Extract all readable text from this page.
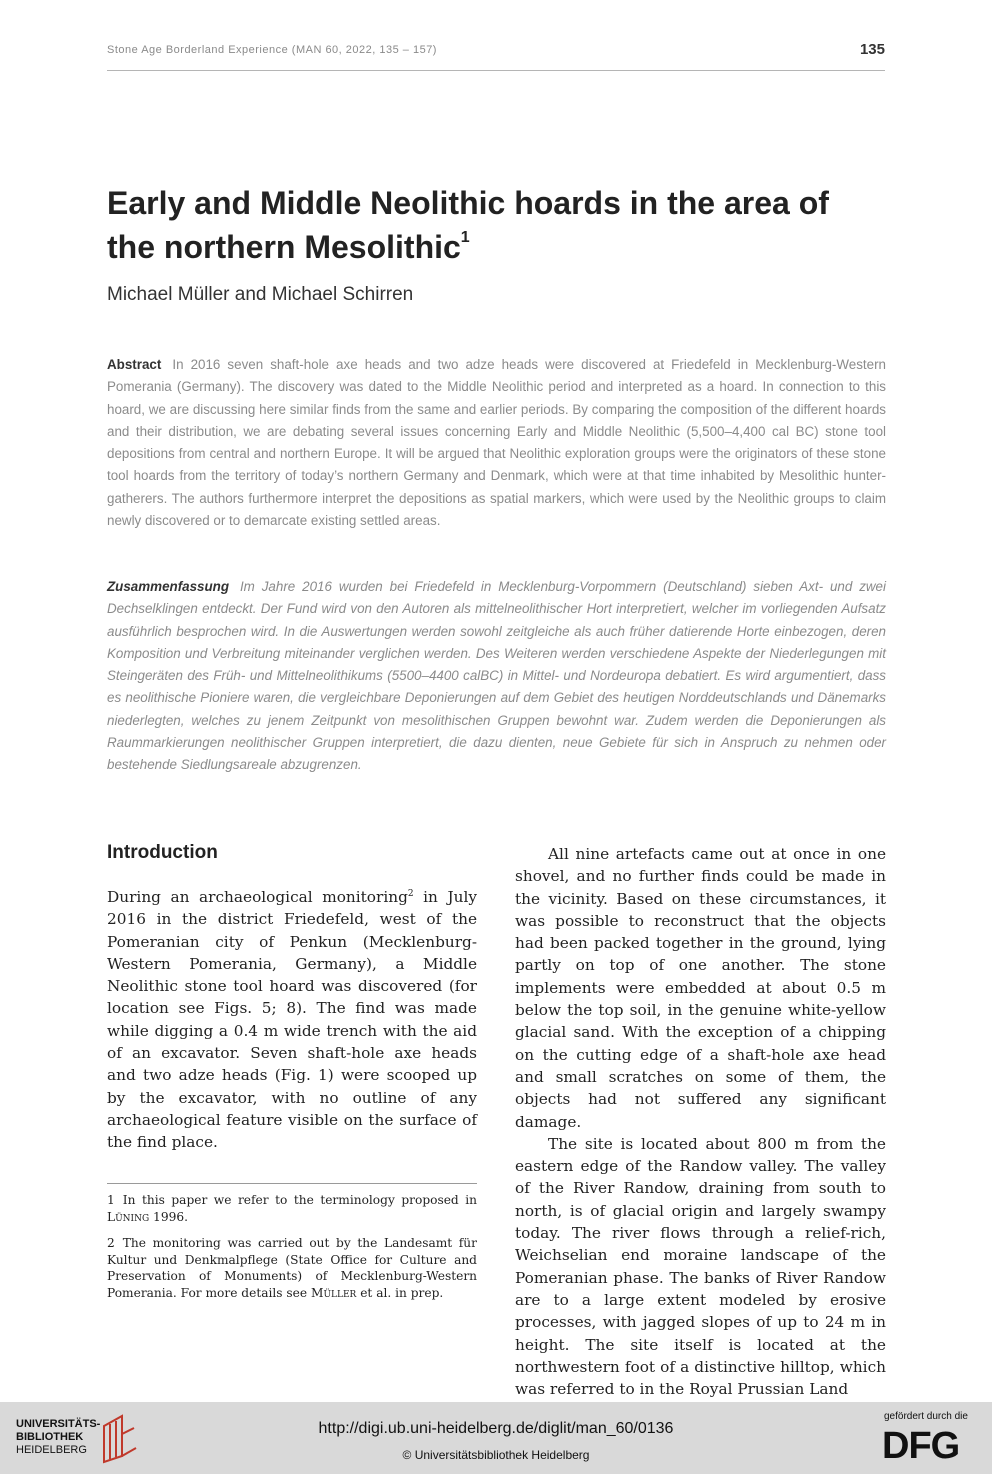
Stone Age Borderland Experience (MAN 60, 2022, 135 – 157)	135
Early and Middle Neolithic hoards in the area of
the northern Mesolithic$^1$
Michael Müller and Michael Schirren

Abstract In 2016 seven shaft-hole axe heads and two adze heads were discovered at Friedefeld in Mecklenburg-Western Pomerania (Germany). The discovery was dated to the Middle Neolithic period and interpreted as a hoard. In connection to this hoard, we are discussing here similar finds from the same and earlier periods. By comparing the composition of the different hoards and their distribution, we are debating several issues concerning Early and Middle Neolithic (5,500–4,400 cal BC) stone tool depositions from central and northern Europe. It will be argued that Neolithic exploration groups were the originators of these stone tool hoards from the territory of today’s northern Germany and Denmark, which were at that time inhabited by Mesolithic hunter-gatherers. The authors furthermore interpret the depositions as spatial markers, which were used by the Neolithic groups to claim newly discovered or to demarcate existing settled areas.

Zusammenfassung Im Jahre 2016 wurden bei Friedefeld in Mecklenburg-Vorpommern (Deutschland) sieben Axt- und zwei Dechselklingen entdeckt. Der Fund wird von den Autoren als mittelneolithischer Hort interpretiert, welcher im vorliegenden Aufsatz ausführlich besprochen wird. In die Auswertungen werden sowohl zeitgleiche als auch früher datierende Horte einbezogen, deren Komposition und Verbreitung miteinander verglichen werden. Des Weiteren werden verschiedene Aspekte der Niederlegungen mit Steingeräten des Früh- und Mittelneolithikums (5500–4400 calBC) in Mittel- und Nordeuropa debatiert. Es wird argumentiert, dass es neolithische Pioniere waren, die vergleichbare Deponierungen auf dem Gebiet des heutigen Norddeutschlands und Dänemarks niederlegten, welches zu jenem Zeitpunkt von mesolithischen Gruppen bewohnt war. Zudem werden die Deponierungen als Raummarkierungen neolithischer Gruppen interpretiert, die dazu dienten, neue Gebiete für sich in Anspruch zu nehmen oder bestehende Siedlungsareale abzugrenzen.

Introduction

During an archaeological monitoring$^2$ in July 2016 in the district Friedefeld, west of the Pomeranian city of Penkun (Mecklenburg-Western Pomerania, Germany), a Middle Neolithic stone tool hoard was discovered (for location see Figs. 5; 8). The find was made while digging a 0.4 m wide trench with the aid of an excavator. Seven shaft-hole axe heads and two adze heads (Fig. 1) were scooped up by the excavator, with no outline of any archaeological feature visible on the surface of the find place.

All nine artefacts came out at once in one shovel, and no further finds could be made in the vicinity. Based on these circumstances, it was possible to reconstruct that the objects had been packed together in the ground, lying partly on top of one another. The stone implements were embedded at about 0.5 m below the top soil, in the genuine white-yellow glacial sand. With the exception of a chipping on the cutting edge of a shaft-hole axe head and small scratches on some of them, the objects had not suffered any significant damage.

The site is located about 800 m from the eastern edge of the Randow valley. The valley of the River Randow, draining from south to north, is of glacial origin and largely swampy today. The river flows through a relief-rich, Weichselian end moraine landscape of the Pomeranian phase. The banks of River Randow are to a large extent modeled by erosive processes, with jagged slopes of up to 24 m in height. The site itself is located at the northwestern foot of a distinctive hilltop, which was referred to in the Royal Prussian Land

1 In this paper we refer to the terminology proposed in Lüning 1996.

2 The monitoring was carried out by the Landesamt für Kultur und Denkmalpflege (State Office for Culture and Preservation of Monuments) of Mecklenburg-Western Pomerania. For more details see Müller et al. in prep.

UNIVERSITÄTS-
BIBLIOTHEK
HEIDELBERG
http://digi.ub.uni-heidelberg.de/diglit/man_60/0136
© Universitätsbibliothek Heidelberg
gefördert durch die
DFG
